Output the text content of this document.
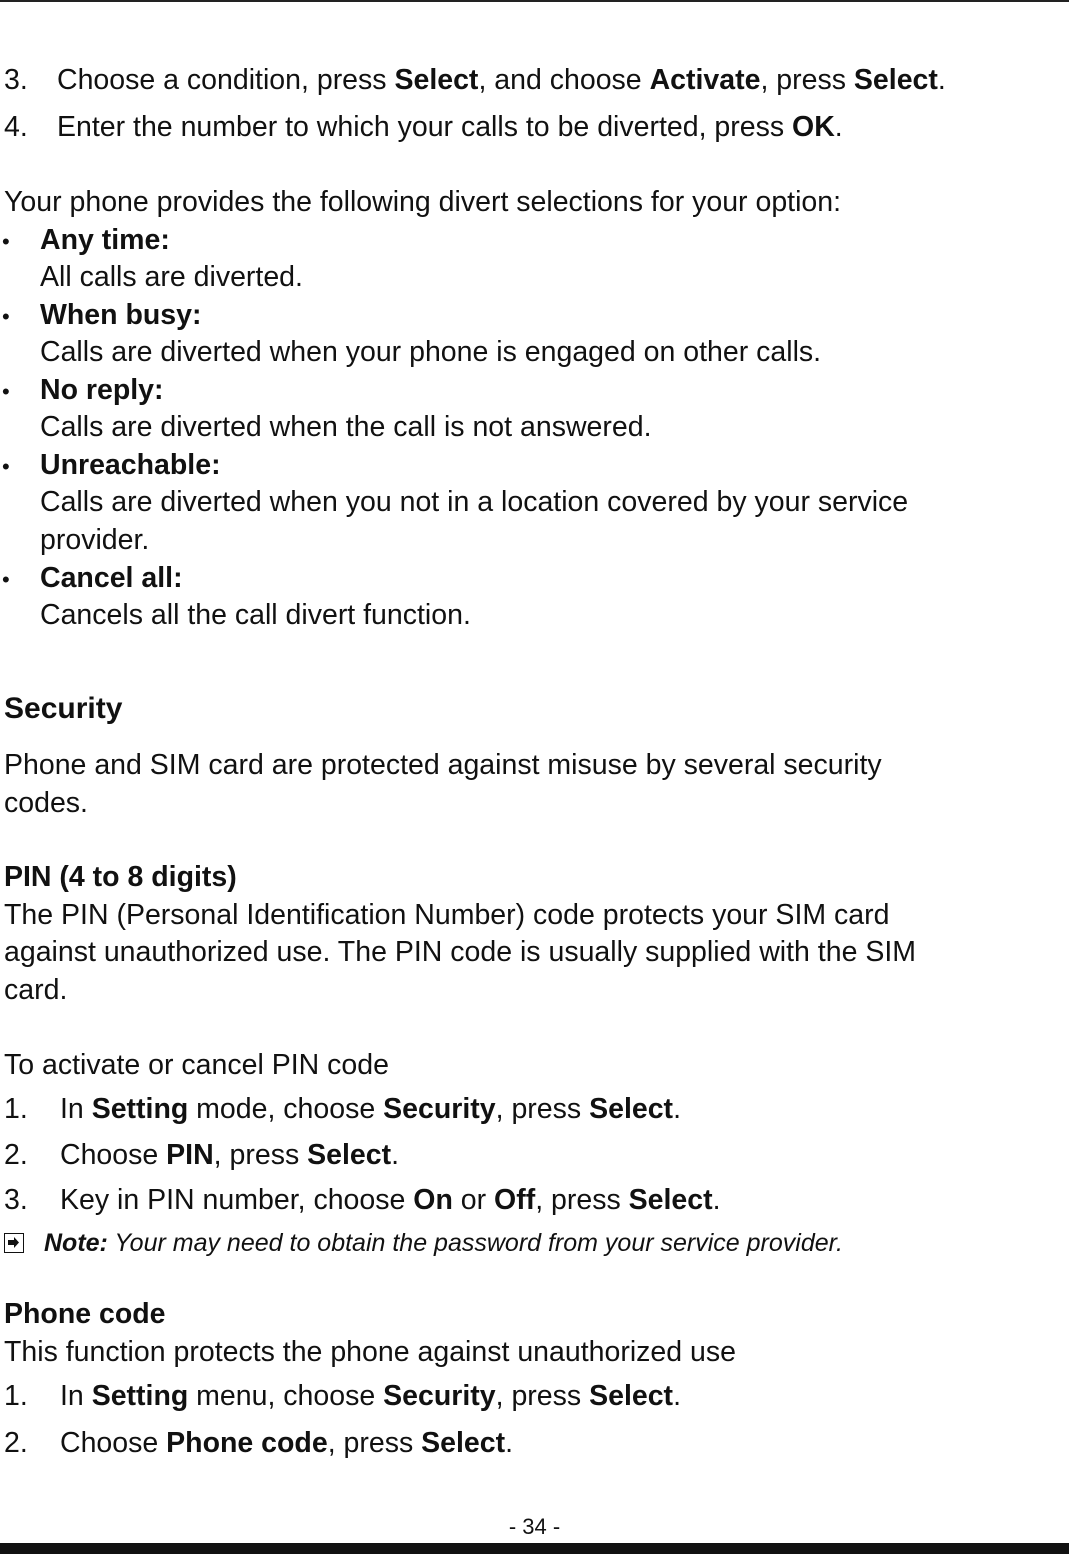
3. Choose a condition, press Select, and choose Activate, press Select.
4. Enter the number to which your calls to be diverted, press OK.
Your phone provides the following divert selections for your option:
• Any time:
All calls are diverted.
• When busy:
Calls are diverted when your phone is engaged on other calls.
• No reply:
Calls are diverted when the call is not answered.
• Unreachable:
Calls are diverted when you not in a location covered by your service
provider.
• Cancel all:
Cancels all the call divert function.
Security
Phone and SIM card are protected against misuse by several security
codes.
PIN (4 to 8 digits)
The PIN (Personal Identification Number) code protects your SIM card
against unauthorized use. The PIN code is usually supplied with the SIM
card.
To activate or cancel PIN code
1. In Setting mode, choose Security, press Select.
2. Choose PIN, press Select.
3. Key in PIN number, choose On or Off, press Select.
Note: Your may need to obtain the password from your service provider.
Phone code
This function protects the phone against unauthorized use
1. In Setting menu, choose Security, press Select.
2. Choose Phone code, press Select.
- 34 -
